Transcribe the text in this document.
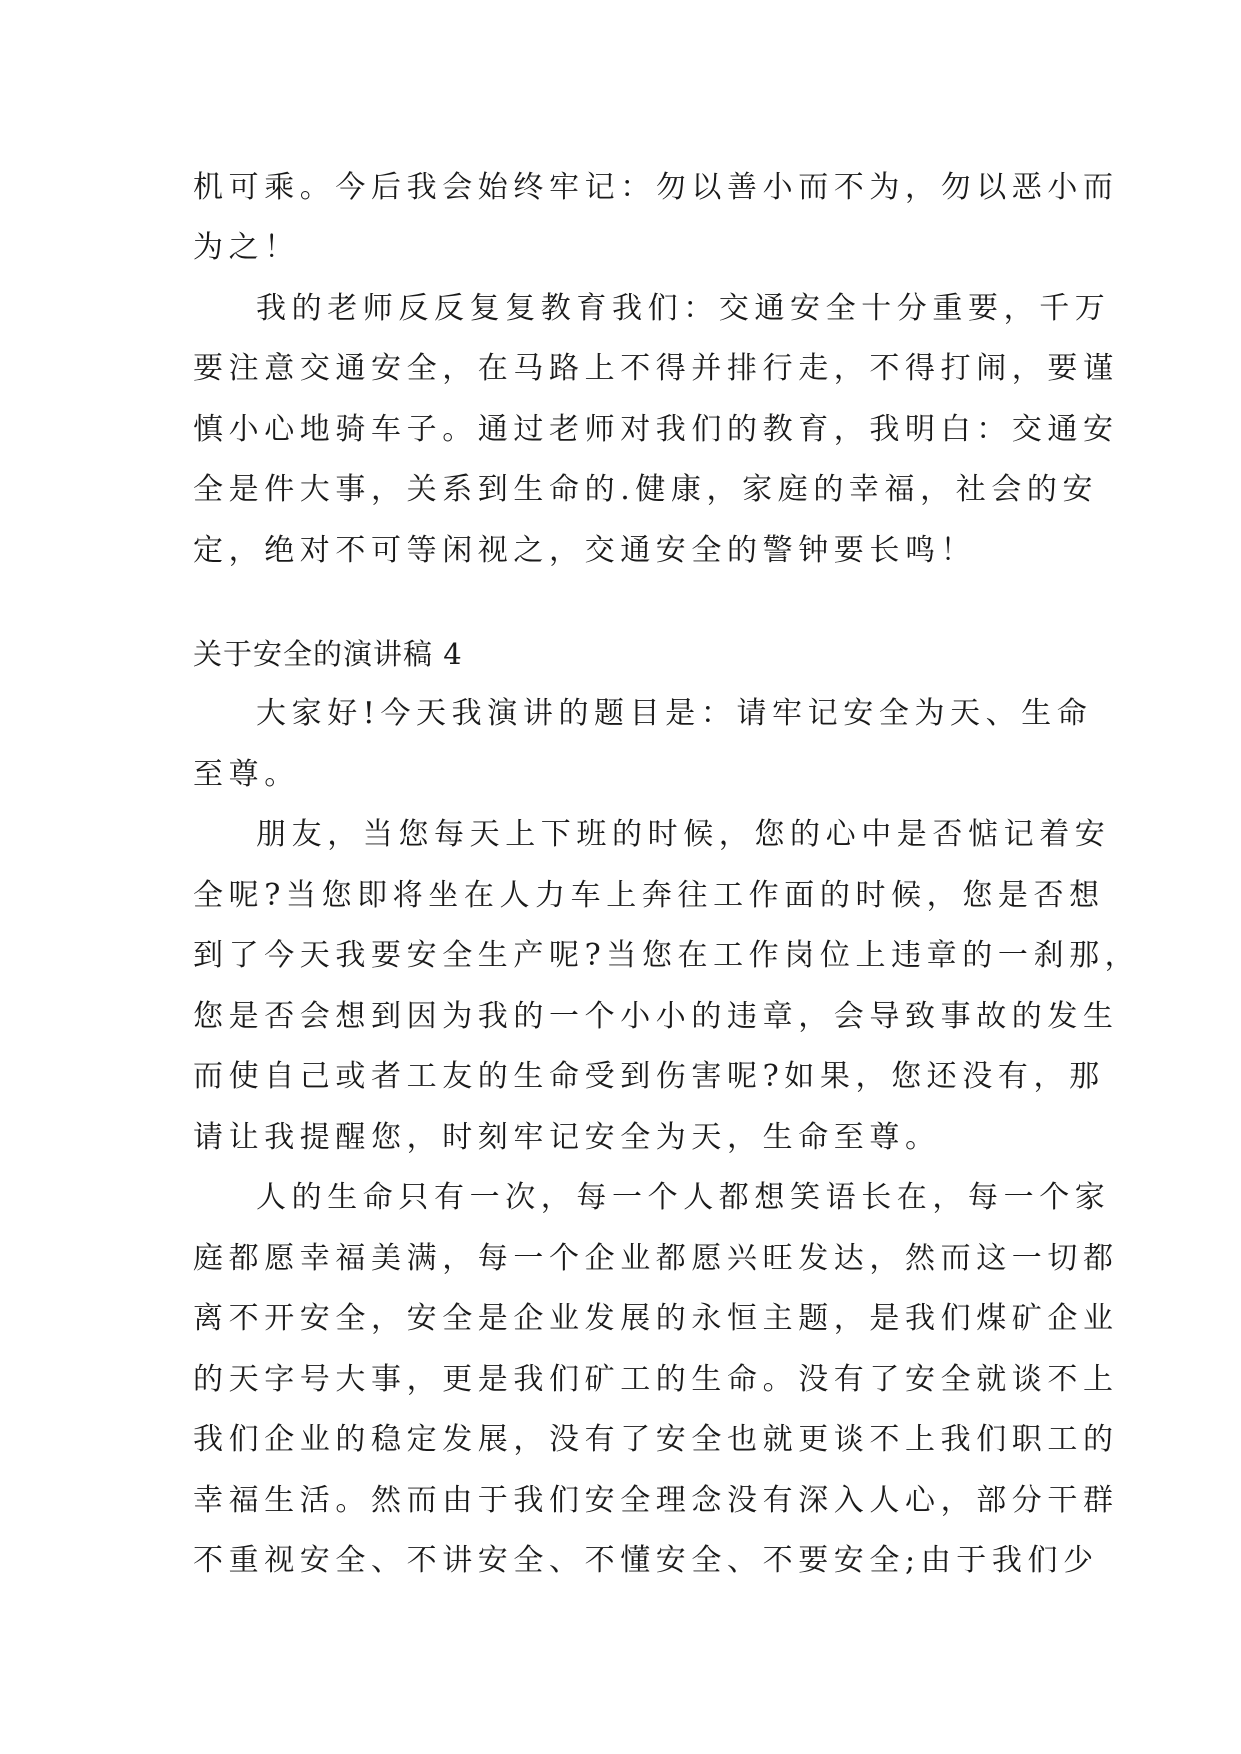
机可乘。今后我会始终牢记：勿以善小而不为，勿以恶小而
为之！
我的老师反反复复教育我们：交通安全十分重要，千万
要注意交通安全，在马路上不得并排行走，不得打闹，要谨
慎小心地骑车子。通过老师对我们的教育，我明白：交通安
全是件大事，关系到生命的.健康，家庭的幸福，社会的安
定，绝对不可等闲视之，交通安全的警钟要长鸣！
关于安全的演讲稿 4
大家好!今天我演讲的题目是：请牢记安全为天、生命
至尊。
朋友，当您每天上下班的时候，您的心中是否惦记着安
全呢?当您即将坐在人力车上奔往工作面的时候，您是否想
到了今天我要安全生产呢?当您在工作岗位上违章的一刹那，
您是否会想到因为我的一个小小的违章，会导致事故的发生
而使自己或者工友的生命受到伤害呢?如果，您还没有，那
请让我提醒您，时刻牢记安全为天，生命至尊。
人的生命只有一次，每一个人都想笑语长在，每一个家
庭都愿幸福美满，每一个企业都愿兴旺发达，然而这一切都
离不开安全，安全是企业发展的永恒主题，是我们煤矿企业
的天字号大事，更是我们矿工的生命。没有了安全就谈不上
我们企业的稳定发展，没有了安全也就更谈不上我们职工的
幸福生活。然而由于我们安全理念没有深入人心，部分干群
不重视安全、不讲安全、不懂安全、不要安全;由于我们少
